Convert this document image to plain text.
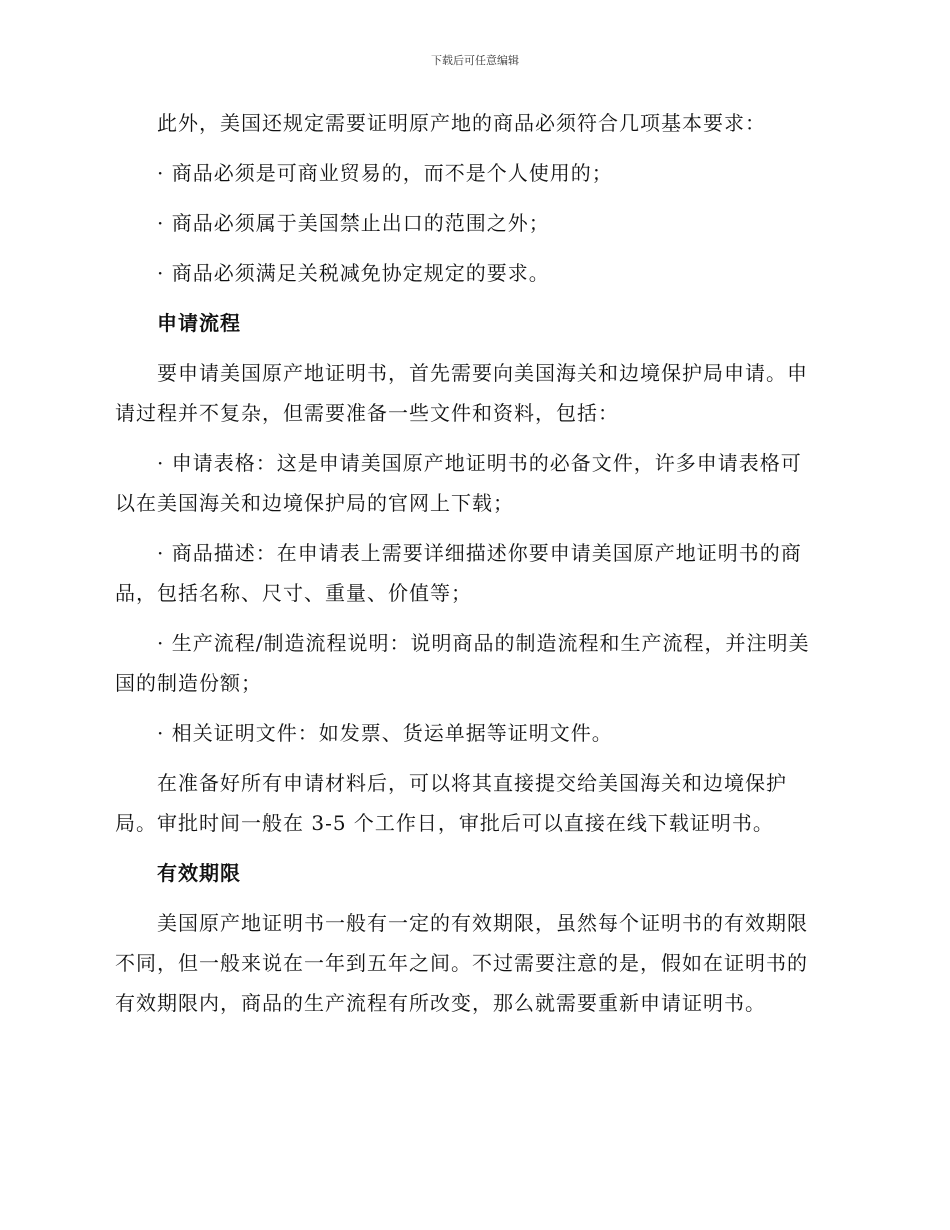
下载后可任意编辑
此外，美国还规定需要证明原产地的商品必须符合几项基本要求：
· 商品必须是可商业贸易的，而不是个人使用的；
· 商品必须属于美国禁止出口的范围之外；
· 商品必须满足关税减免协定规定的要求。
申请流程
要申请美国原产地证明书，首先需要向美国海关和边境保护局申请。申
请过程并不复杂，但需要准备一些文件和资料，包括：
· 申请表格：这是申请美国原产地证明书的必备文件，许多申请表格可
以在美国海关和边境保护局的官网上下载；
· 商品描述：在申请表上需要详细描述你要申请美国原产地证明书的商
品，包括名称、尺寸、重量、价值等；
· 生产流程/制造流程说明：说明商品的制造流程和生产流程，并注明美
国的制造份额；
· 相关证明文件：如发票、货运单据等证明文件。
在准备好所有申请材料后，可以将其直接提交给美国海关和边境保护
局。审批时间一般在 3-5 个工作日，审批后可以直接在线下载证明书。
有效期限
美国原产地证明书一般有一定的有效期限，虽然每个证明书的有效期限
不同，但一般来说在一年到五年之间。不过需要注意的是，假如在证明书的
有效期限内，商品的生产流程有所改变，那么就需要重新申请证明书。
